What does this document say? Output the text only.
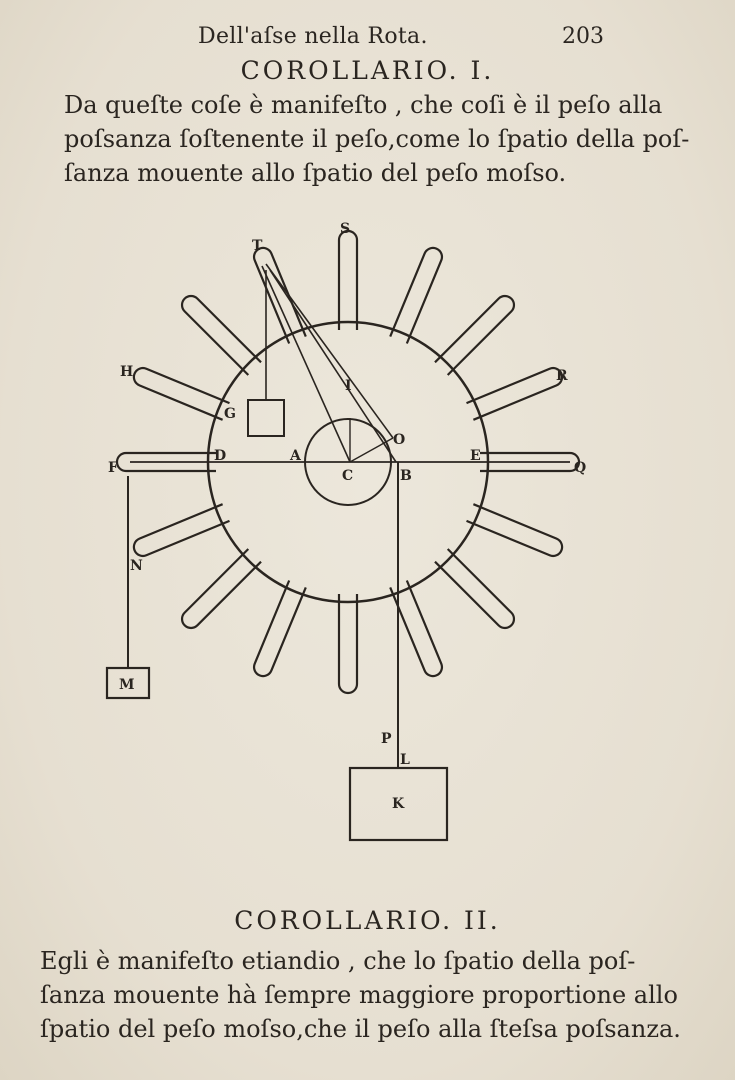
Dell'aſse nella Rota.	203
COROLLARIO. I.
Da queſte coſe è manifeſto , che coſi è il peſo alla
poſsanza ſoſtenente il peſo,come lo ſpatio della poſ-
ſanza mouente allo ſpatio del peſo moſso.
T
S
H	R
G
I
O
F
D	A
C	B
E
Q
N
M
P
L
K
COROLLARIO. II.
Egli è manifeſto etiandio , che lo ſpatio della poſ-
ſanza mouente hà ſempre maggiore proportione allo
ſpatio del peſo moſso,che il peſo alla ſteſsa poſsanza.
